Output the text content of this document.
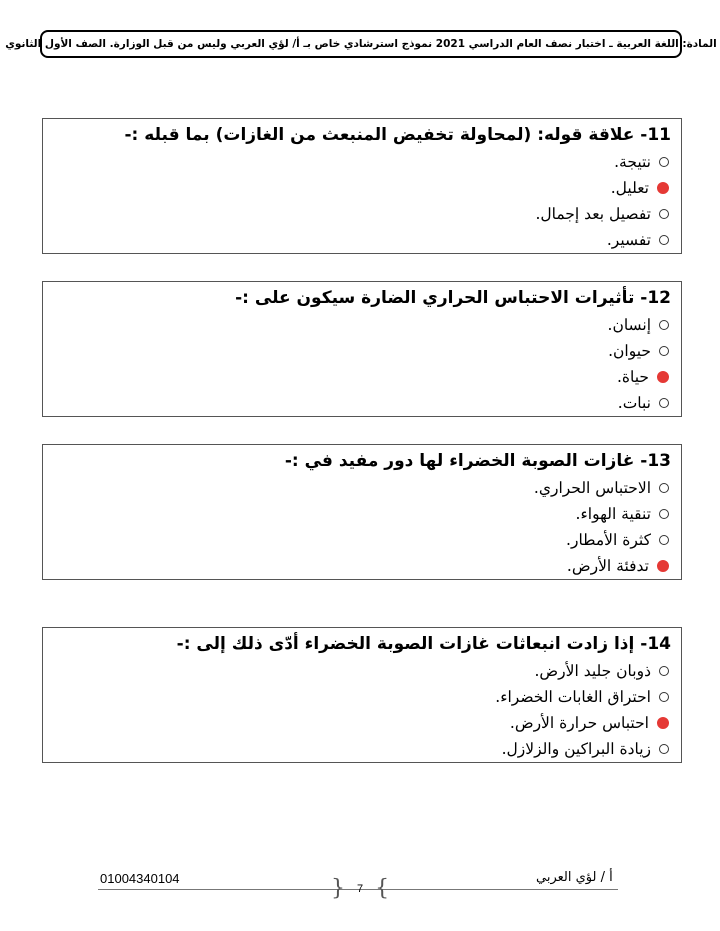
المادة: اللغة العربية ـ اختبار نصف العام الدراسي 2021 نموذج استرشادي خاص بـ أ/ لؤي العربي وليس من قبل الوزارة. الصف الأول الثانوي
11- علاقة قوله: (لمحاولة تخفيض المنبعث من الغازات) بما قبله :-
نتيجة.
تعليل.
تفصيل بعد إجمال.
تفسير.
12- تأثيرات الاحتباس الحراري الضارة سيكون على :-
إنسان.
حيوان.
حياة.
نبات.
13- غازات الصوبة الخضراء لها دور مفيد في :-
الاحتباس الحراري.
تنقية الهواء.
كثرة الأمطار.
تدفئة الأرض.
14- إذا زادت انبعاثات غازات الصوبة الخضراء أدّى ذلك إلى :-
ذوبان جليد الأرض.
احتراق الغابات الخضراء.
احتباس حرارة الأرض.
زيادة البراكين والزلازل.
01004340104	أ / لؤي العربي
} 7 {
